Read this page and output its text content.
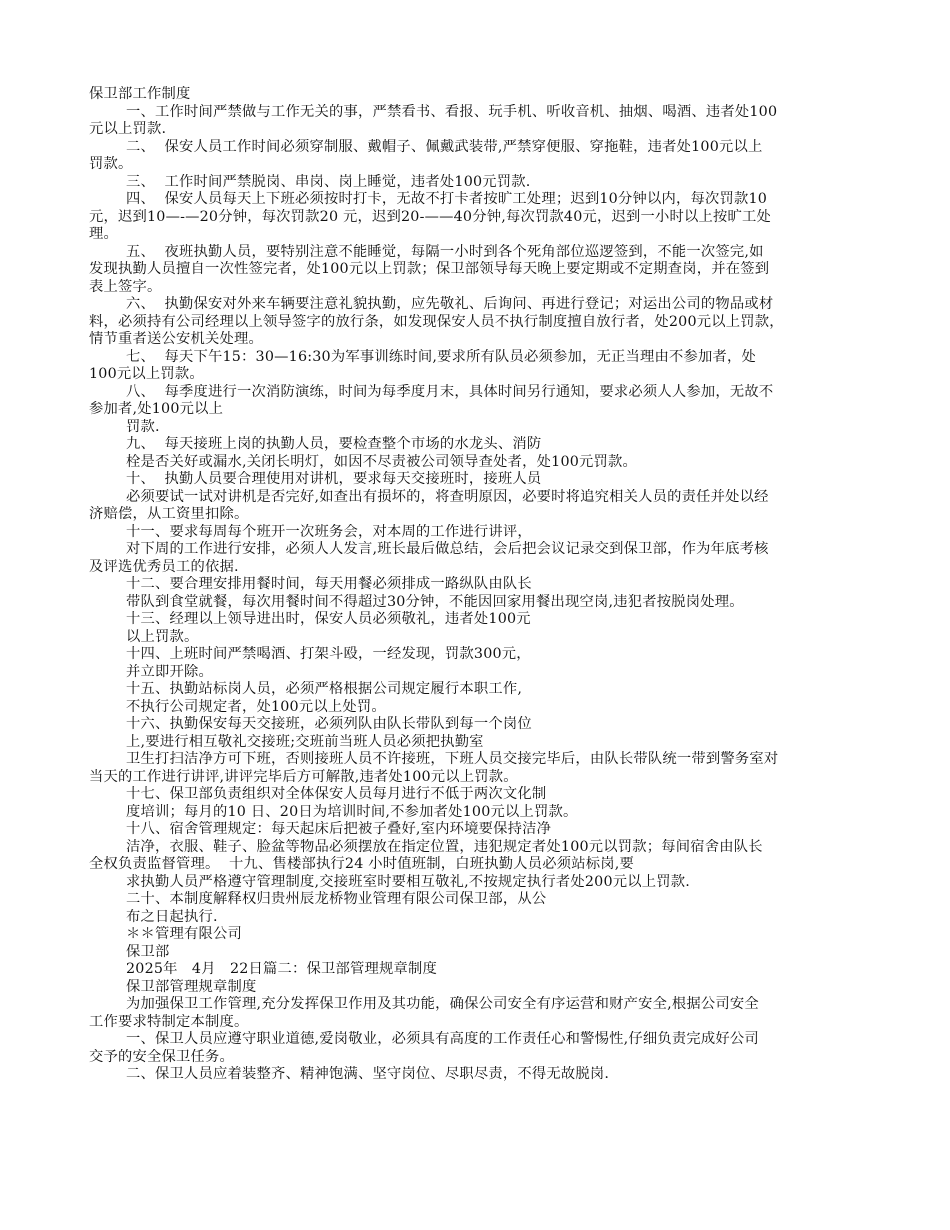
保卫部工作制度
一、工作时间严禁做与工作无关的事，严禁看书、看报、玩手机、听收音机、抽烟、喝酒、违者处100
元以上罚款.
二、  保安人员工作时间必须穿制服、戴帽子、佩戴武装带,严禁穿便服、穿拖鞋，违者处100元以上
罚款。
三、  工作时间严禁脱岗、串岗、岗上睡觉，违者处100元罚款.
四、  保安人员每天上下班必须按时打卡，无故不打卡者按旷工处理；迟到10分钟以内，每次罚款10
元，迟到10—-—20分钟，每次罚款20 元，迟到20-——40分钟,每次罚款40元，迟到一小时以上按旷工处
理。
五、  夜班执勤人员，要特别注意不能睡觉，每隔一小时到各个死角部位巡逻签到，不能一次签完,如
发现执勤人员擅自一次性签完者，处100元以上罚款；保卫部领导每天晚上要定期或不定期查岗，并在签到
表上签字。
六、  执勤保安对外来车辆要注意礼貌执勤，应先敬礼、后询问、再进行登记；对运出公司的物品或材
料，必须持有公司经理以上领导签字的放行条，如发现保安人员不执行制度擅自放行者，处200元以上罚款，
情节重者送公安机关处理。
七、  每天下午15：30—16:30为军事训练时间,要求所有队员必须参加，无正当理由不参加者，处
100元以上罚款。
八、  每季度进行一次消防演练，时间为每季度月末，具体时间另行通知，要求必须人人参加，无故不
参加者,处100元以上
罚款.
九、  每天接班上岗的执勤人员，要检查整个市场的水龙头、消防
栓是否关好或漏水,关闭长明灯，如因不尽责被公司领导查处者，处100元罚款。
十、  执勤人员要合理使用对讲机，要求每天交接班时，接班人员
必须要试一试对讲机是否完好,如查出有损坏的，将查明原因，必要时将追究相关人员的责任并处以经
济赔偿，从工资里扣除。
十一、要求每周每个班开一次班务会，对本周的工作进行讲评，
对下周的工作进行安排，必须人人发言,班长最后做总结，会后把会议记录交到保卫部，作为年底考核
及评选优秀员工的依据.
十二、要合理安排用餐时间，每天用餐必须排成一路纵队由队长
带队到食堂就餐，每次用餐时间不得超过30分钟，不能因回家用餐出现空岗,违犯者按脱岗处理。
十三、经理以上领导进出时，保安人员必须敬礼，违者处100元
以上罚款。
十四、上班时间严禁喝酒、打架斗殴，一经发现，罚款300元，
并立即开除。
十五、执勤站标岗人员，必须严格根据公司规定履行本职工作,
不执行公司规定者，处100元以上处罚。
十六、执勤保安每天交接班，必须列队由队长带队到每一个岗位
上,要进行相互敬礼交接班;交班前当班人员必须把执勤室
卫生打扫洁净方可下班，否则接班人员不许接班，下班人员交接完毕后，由队长带队统一带到警务室对
当天的工作进行讲评,讲评完毕后方可解散,违者处100元以上罚款。
十七、保卫部负责组织对全体保安人员每月进行不低于两次文化制
度培训；每月的10 日、20日为培训时间,不参加者处100元以上罚款。
十八、宿舍管理规定：每天起床后把被子叠好,室内环境要保持洁净
洁净，衣服、鞋子、脸盆等物品必须摆放在指定位置，违犯规定者处100元以罚款；每间宿舍由队长
全权负责监督管理。  十九、售楼部执行24 小时值班制，白班执勤人员必须站标岗,要
求执勤人员严格遵守管理制度,交接班室时要相互敬礼,不按规定执行者处200元以上罚款.
二十、本制度解释权归贵州辰龙桥物业管理有限公司保卫部，从公
布之日起执行.
＊＊管理有限公司
保卫部
2025年   4月   22日篇二：保卫部管理规章制度
保卫部管理规章制度
为加强保卫工作管理,充分发挥保卫作用及其功能，确保公司安全有序运营和财产安全,根据公司安全
工作要求特制定本制度。
一、保卫人员应遵守职业道德,爱岗敬业，必须具有高度的工作责任心和警惕性,仔细负责完成好公司
交予的安全保卫任务。
二、保卫人员应着装整齐、精神饱满、坚守岗位、尽职尽责，不得无故脱岗.
